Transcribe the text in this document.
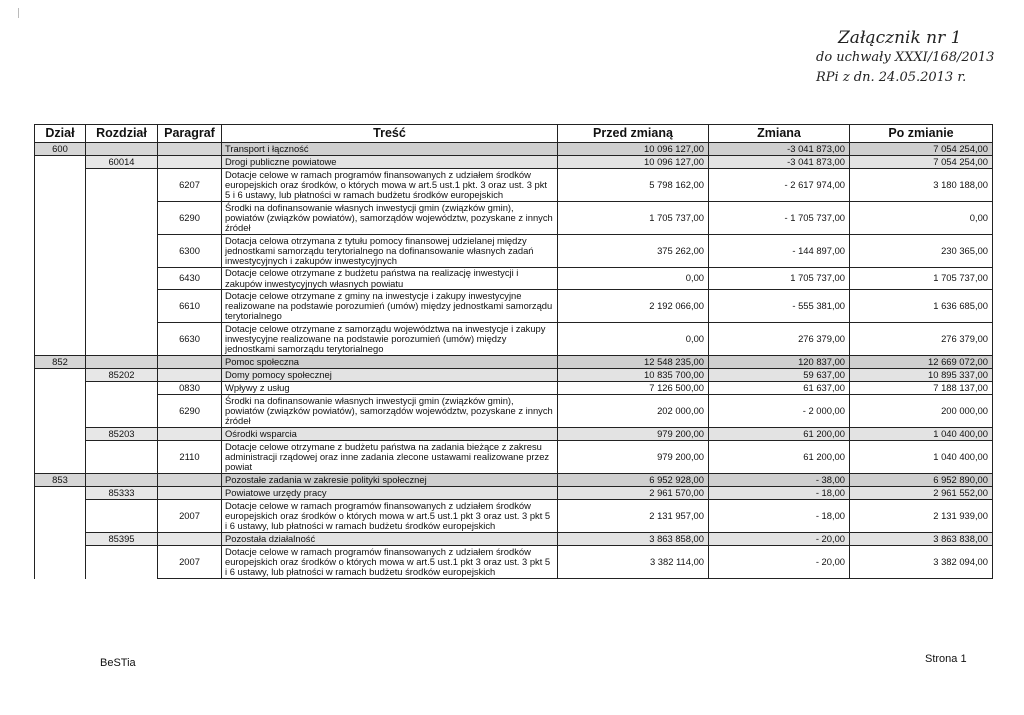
Załącznik nr 1
do uchwały XXXI/168/2013
RPi z dn. 24.05.2013 r.
Dział	Rozdział	Paragraf	Treść	Przed zmianą	Zmiana	Po zmianie
600			Transport i łączność	10 096 127,00	-3 041 873,00	7 054 254,00
	60014		Drogi publiczne powiatowe	10 096 127,00	-3 041 873,00	7 054 254,00
		6207	Dotacje celowe w ramach programów finansowanych z udziałem środków europejskich oraz środków, o których mowa w art.5 ust.1 pkt. 3 oraz ust. 3 pkt 5 i 6 ustawy, lub płatności w ramach budżetu środków europejskich	5 798 162,00	- 2 617 974,00	3 180 188,00
		6290	Środki na dofinansowanie własnych inwestycji gmin (związków gmin), powiatów (związków powiatów), samorządów województw, pozyskane z innych źródeł	1 705 737,00	- 1 705 737,00	0,00
		6300	Dotacja celowa otrzymana z tytułu pomocy finansowej udzielanej między jednostkami samorządu terytorialnego na dofinansowanie własnych zadań inwestycyjnych i zakupów inwestycyjnych	375 262,00	- 144 897,00	230 365,00
		6430	Dotacje celowe otrzymane z budżetu państwa na realizację inwestycji i zakupów inwestycyjnych własnych powiatu	0,00	1 705 737,00	1 705 737,00
		6610	Dotacje celowe otrzymane z gminy na inwestycje i zakupy inwestycyjne realizowane na podstawie porozumień (umów) między jednostkami samorządu terytorialnego	2 192 066,00	- 555 381,00	1 636 685,00
		6630	Dotacje celowe otrzymane z samorządu województwa na inwestycje i zakupy inwestycyjne realizowane na podstawie porozumień (umów) między jednostkami samorządu terytorialnego	0,00	276 379,00	276 379,00
852			Pomoc społeczna	12 548 235,00	120 837,00	12 669 072,00
	85202		Domy pomocy społecznej	10 835 700,00	59 637,00	10 895 337,00
		0830	Wpływy z usług	7 126 500,00	61 637,00	7 188 137,00
		6290	Środki na dofinansowanie własnych inwestycji gmin (związków gmin), powiatów (związków powiatów), samorządów województw, pozyskane z innych źródeł	202 000,00	- 2 000,00	200 000,00
	85203		Ośrodki wsparcia	979 200,00	61 200,00	1 040 400,00
		2110	Dotacje celowe otrzymane z budżetu państwa na zadania bieżące z zakresu administracji rządowej oraz inne zadania zlecone ustawami realizowane przez powiat	979 200,00	61 200,00	1 040 400,00
853			Pozostałe zadania w zakresie polityki społecznej	6 952 928,00	- 38,00	6 952 890,00
	85333		Powiatowe urzędy pracy	2 961 570,00	- 18,00	2 961 552,00
		2007	Dotacje celowe w ramach programów finansowanych z udziałem środków europejskich oraz środków o których mowa w art.5 ust.1 pkt 3 oraz ust. 3 pkt 5 i 6 ustawy, lub płatności w ramach budżetu środków europejskich	2 131 957,00	- 18,00	2 131 939,00
	85395		Pozostała działalność	3 863 858,00	- 20,00	3 863 838,00
		2007	Dotacje celowe w ramach programów finansowanych z udziałem środków europejskich oraz środków o których mowa w art.5 ust.1 pkt 3 oraz ust. 3 pkt 5 i 6 ustawy, lub płatności w ramach budżetu środków europejskich	3 382 114,00	- 20,00	3 382 094,00
BeSTia	Strona 1
